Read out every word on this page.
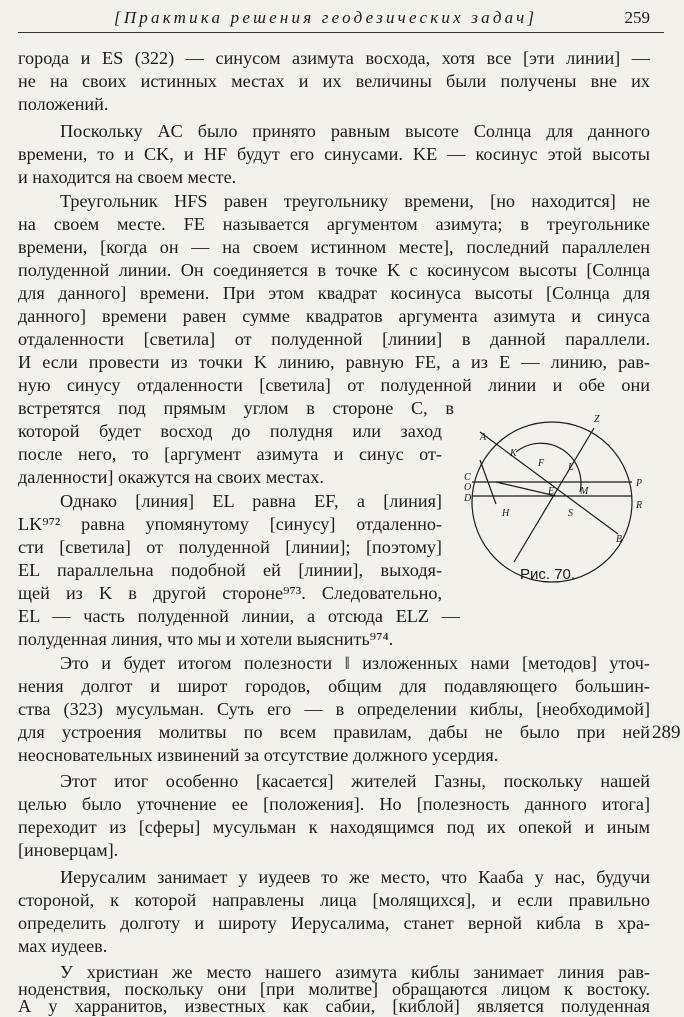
[Практика решения геодезических задач]	259
города и ES (322) — синусом азимута восхода, хотя все [эти линии] —
не на своих истинных местах и их величины были получены вне их
положений.
Поскольку AC было принято равным высоте Солнца для данного
времени, то и CK, и HF будут его синусами. KE — косинус этой высоты
и находится на своем месте.
Треугольник HFS равен треугольнику времени, [но находится] не
на своем месте. FE называется аргументом азимута; в треугольнике
времени, [когда он — на своем истинном месте], последний параллелен
полуденной линии. Он соединяется в точке K с косинусом высоты [Солнца
для данного] времени. При этом квадрат косинуса высоты [Солнца для
данного] времени равен сумме квадратов аргумента азимута и синуса
отдаленности [светила] от полуденной [линии] в данной параллели.
И если провести из точки K линию, равную FE, а из E — линию, рав-
ную синусу отдаленности [светила] от полуденной линии и обе они
встретятся под прямым углом в стороне C, в
которой будет восход до полудня или заход
после него, то [аргумент азимута и синус от-
даленности] окажутся на своих местах.
Однако [линия] EL равна EF, а [линия]
LK⁹⁷² равна упомянутому [синусу] отдаленно-
сти [светила] от полуденной [линии]; [поэтому]
EL параллельна подобной ей [линии], выходя-
щей из K в другой стороне⁹⁷³. Следовательно,
EL — часть полуденной линии, а отсюда ELZ —
полуденная линия, что мы и хотели выяснить⁹⁷⁴.
Это и будет итогом полезности ‖ изложенных нами [методов] уточ-
нения долгот и широт городов, общим для подавляющего большин-
ства (323) мусульман. Суть его — в определении киблы, [необходимой]
для устроения молитвы по всем правилам, дабы не было при ней
неосновательных извинений за отсутствие должного усердия.
Этот итог особенно [касается] жителей Газны, поскольку нашей
целью было уточнение ее [положения]. Но [полезность данного итога]
переходит из [сферы] мусульман к находящимся под их опекой и иным
[иноверцам].
Иерусалим занимает у иудеев то же место, что Кааба у нас, будучи
стороной, к которой направлены лица [молящихся], и если правильно
определить долготу и широту Иерусалима, станет верной кибла в хра-
мах иудеев.
У христиан же место нашего азимута киблы занимает линия рав-
ноденствия, поскольку они [при молитве] обращаются лицом к востоку.
А у харранитов, известных как сабии, [киблой] является полуденная
289
Z
A
K
F L
C
O
D
E	M
P
R
H	S
B
Рис. 70.
